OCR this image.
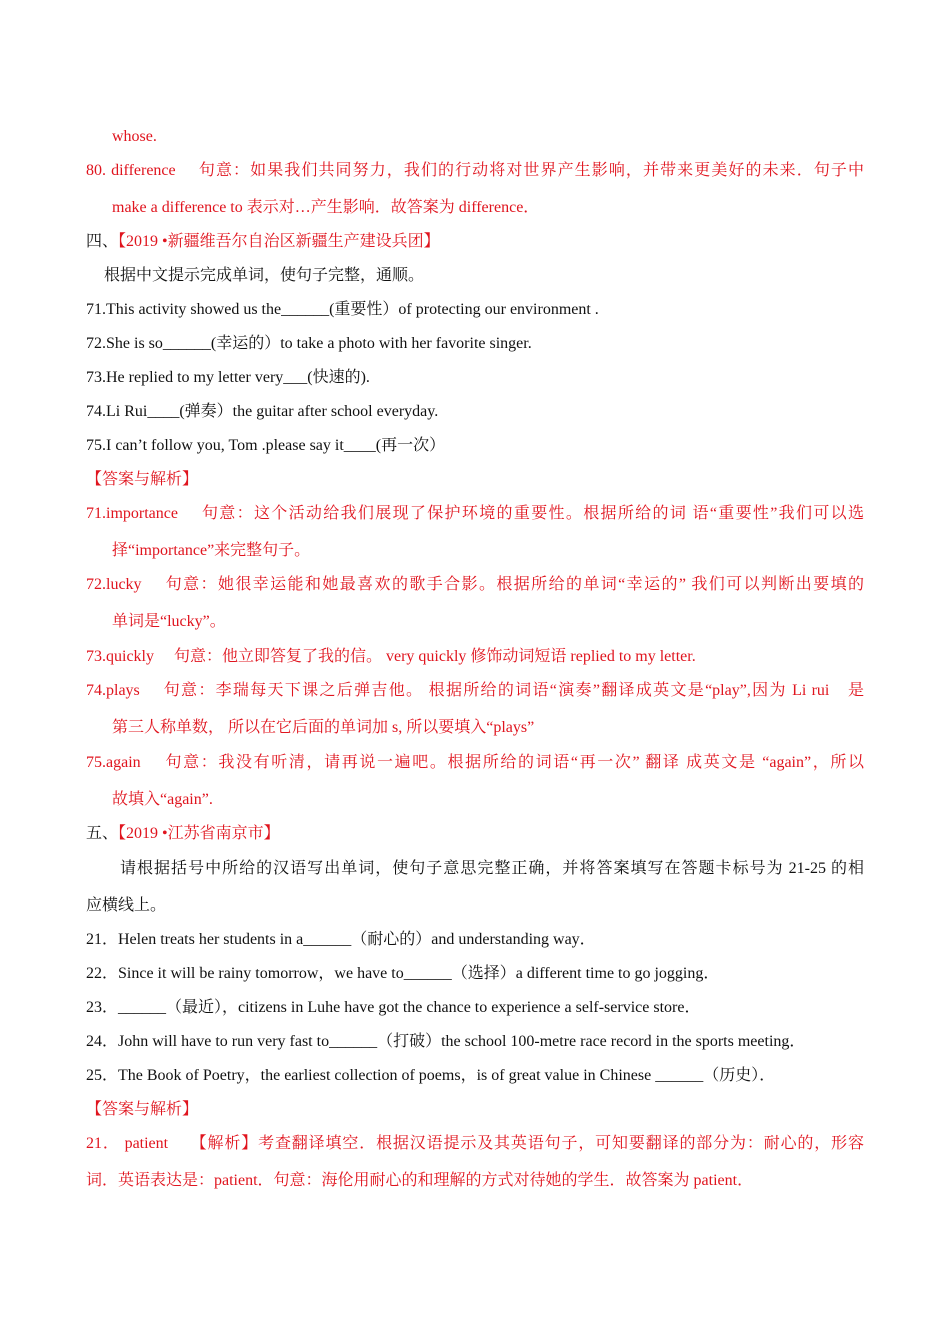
whose.
80. difference　 句意：如果我们共同努力，我们的行动将对世界产生影响，并带来更美好的未来．句子中
make a difference to 表示对…产生影响．故答案为 difference．
四、【2019 •新疆维吾尔自治区新疆生产建设兵团】
根据中文提示完成单词，使句子完整，通顺。
71.This activity showed us the______(重要性）of protecting our environment .
72.She is so______(幸运的）to take a photo with her favorite singer.
73.He replied to my letter very___(快速的).
74.Li Rui____(弹奏）the guitar after school everyday.
75.I can’t follow you, Tom .please say it____(再一次）
【答案与解析】
71.importance　 句意：这个活动给我们展现了保护环境的重要性。根据所给的词 语“重要性”我们可以选
择“importance”来完整句子。
72.lucky　 句意：她很幸运能和她最喜欢的歌手合影。根据所给的单词“幸运的” 我们可以判断出要填的
单词是“lucky”。
73.quickly　 句意：他立即答复了我的信。 very quickly 修饰动词短语 replied to my letter.
74.plays　 句意：李瑞每天下课之后弹吉他。 根据所给的词语“演奏”翻译成英文是“play”,因为 Li rui　是
第三人称单数， 所以在它后面的单词加 s, 所以要填入“plays”
75.again　 句意：我没有听清，请再说一遍吧。根据所给的词语“再一次” 翻译 成英文是 “again”，所以
故填入“again”.
五、【2019 •江苏省南京市】
请根据括号中所给的汉语写出单词，使句子意思完整正确，并将答案填写在答题卡标号为 21-25 的相
应横线上。
21．Helen treats her students in a______（耐心的）and understanding way．
22．Since it will be rainy tomorrow，we have to______（选择）a different time to go jogging．
23．______（最近），citizens in Luhe have got the chance to experience a self-service store．
24．John will have to run very fast to______（打破）the school 100-metre race record in the sports meeting．
25．The Book of Poetry，the earliest collection of poems，is of great value in Chinese ______（历史）．
【答案与解析】
21． patient　 【解析】考查翻译填空．根据汉语提示及其英语句子，可知要翻译的部分为：耐心的，形容
词．英语表达是：patient．句意：海伦用耐心的和理解的方式对待她的学生．故答案为 patient．
